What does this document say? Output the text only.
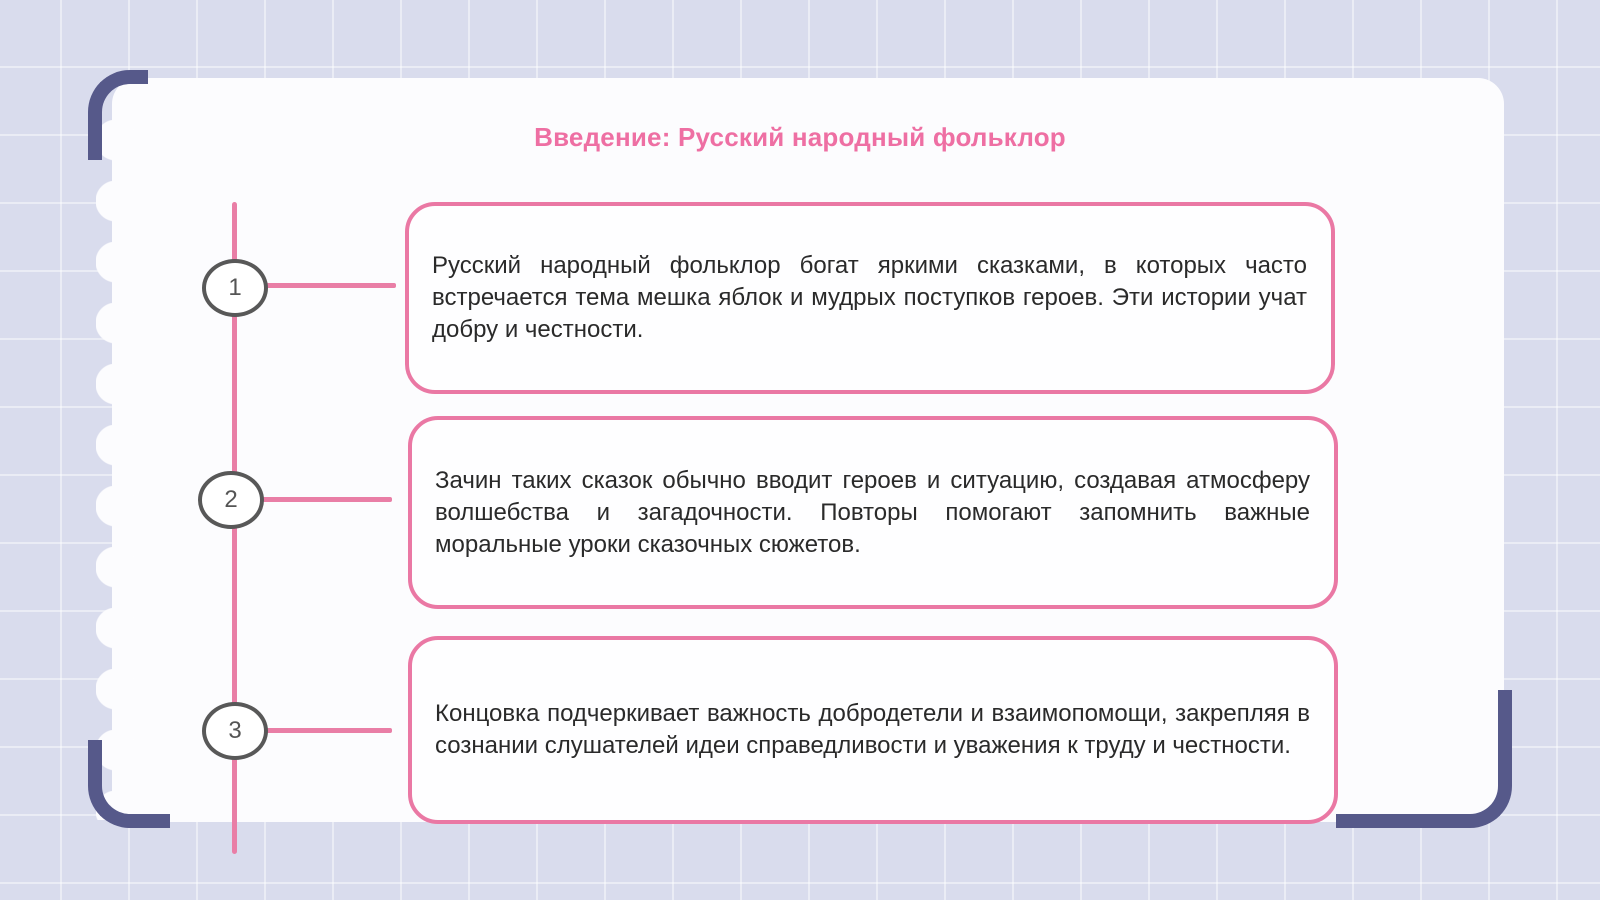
Введение: Русский народный фольклор
1

Русский народный фольклор богат яркими сказками, в которых часто встречается тема мешка яблок и мудрых поступков героев. Эти истории учат добру и честности.

2

Зачин таких сказок обычно вводит героев и ситуацию, создавая атмосферу волшебства и загадочности. Повторы помогают запомнить важные моральные уроки сказочных сюжетов.

3

Концовка подчеркивает важность добродетели и взаимопомощи, закрепляя в сознании слушателей идеи справедливости и уважения к труду и честности.
